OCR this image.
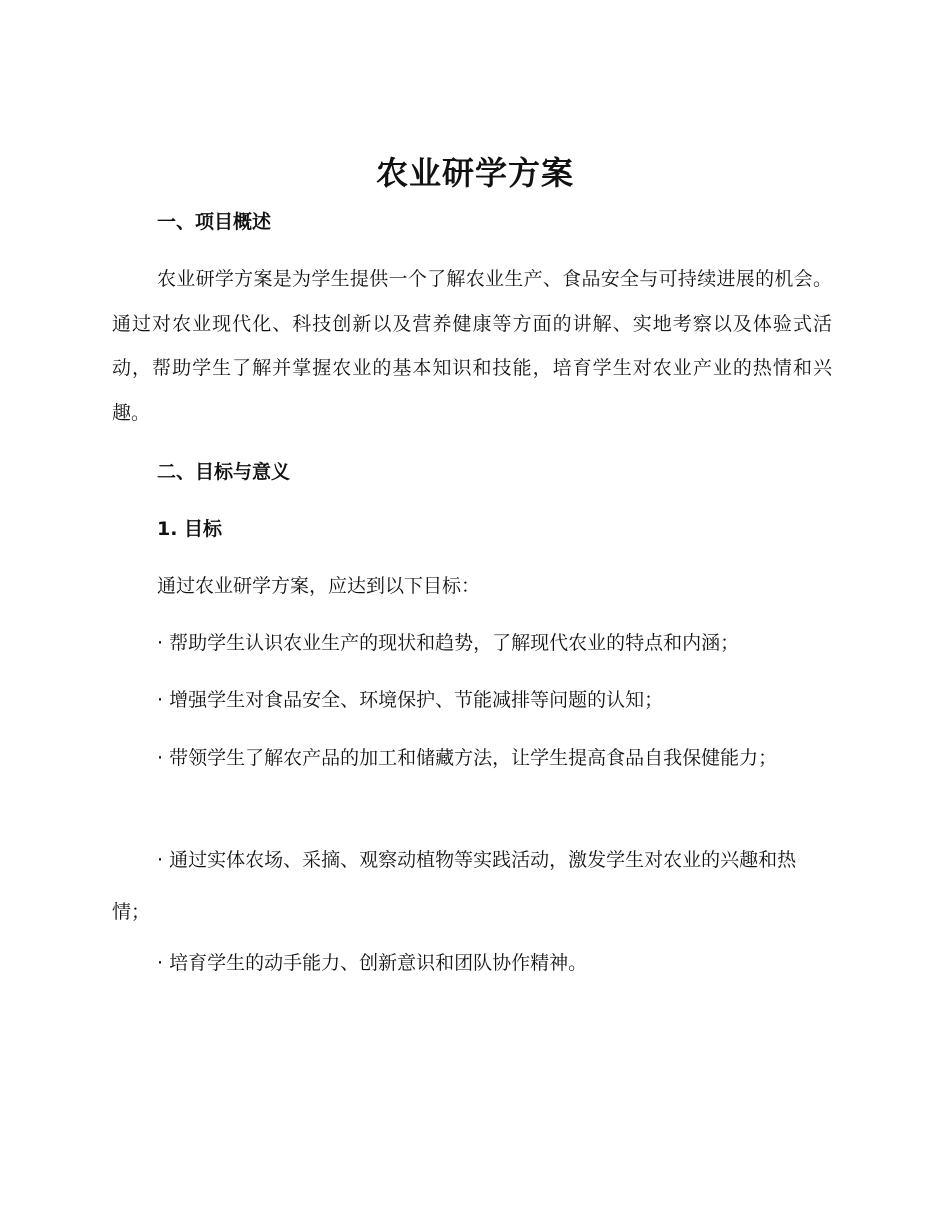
农业研学方案
一、项目概述

农业研学方案是为学生提供一个了解农业生产、食品安全与可持续进展的机会。通过对农业现代化、科技创新以及营养健康等方面的讲解、实地考察以及体验式活动，帮助学生了解并掌握农业的基本知识和技能，培育学生对农业产业的热情和兴趣。

二、目标与意义
1. 目标

通过农业研学方案，应达到以下目标：

· 帮助学生认识农业生产的现状和趋势，了解现代农业的特点和内涵；

· 增强学生对食品安全、环境保护、节能减排等问题的认知；

· 带领学生了解农产品的加工和储藏方法，让学生提高食品自我保健能力；

· 通过实体农场、采摘、观察动植物等实践活动，激发学生对农业的兴趣和热情；

· 培育学生的动手能力、创新意识和团队协作精神。
